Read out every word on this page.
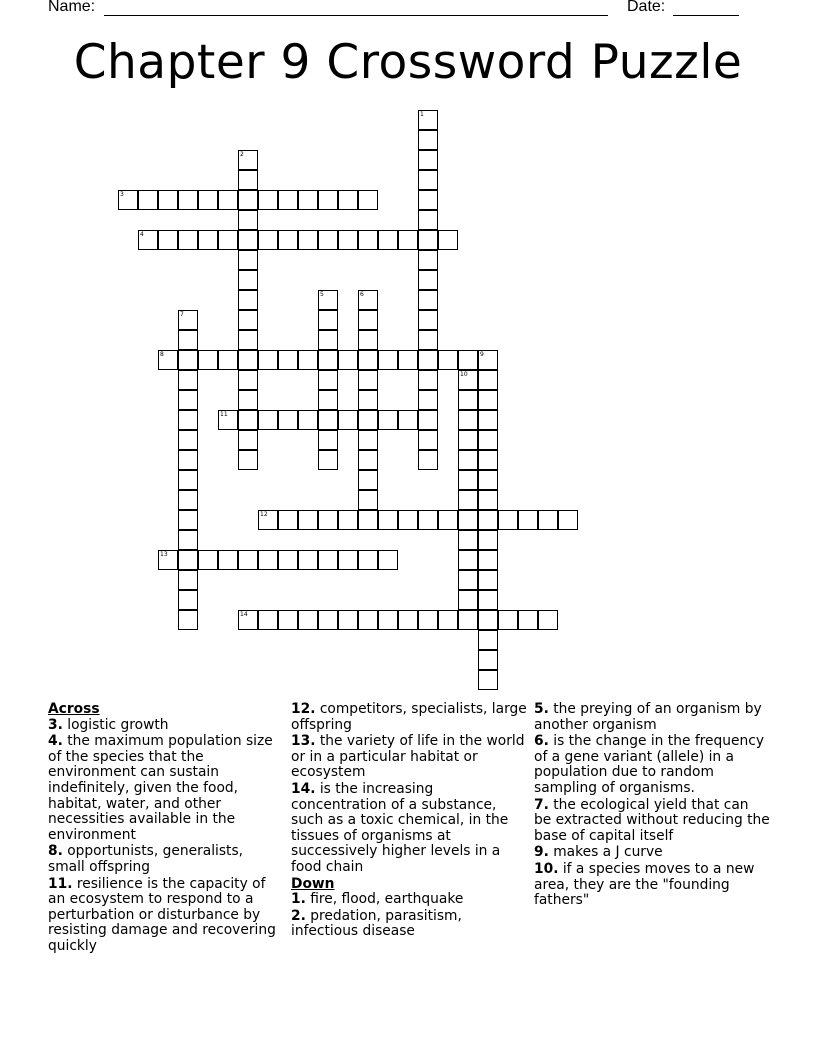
Name:	Date:
Chapter 9 Crossword Puzzle
3
4
8
11
12
13
14
1
2
5	6
7
9
10
Across
3. logistic growth
4. the maximum population size of the species that the environment can sustain indefinitely, given the food, habitat, water, and other necessities available in the environment
8. opportunists, generalists, small offspring
11. resilience is the capacity of an ecosystem to respond to a perturbation or disturbance by resisting damage and recovering quickly
12. competitors, specialists, large offspring
13. the variety of life in the world or in a particular habitat or ecosystem
14. is the increasing concentration of a substance, such as a toxic chemical, in the tissues of organisms at successively higher levels in a food chain
Down
1. fire, flood, earthquake
2. predation, parasitism, infectious disease
5. the preying of an organism by another organism
6. is the change in the frequency of a gene variant (allele) in a population due to random sampling of organisms.
7. the ecological yield that can be extracted without reducing the base of capital itself
9. makes a J curve
10. if a species moves to a new area, they are the "founding fathers"
